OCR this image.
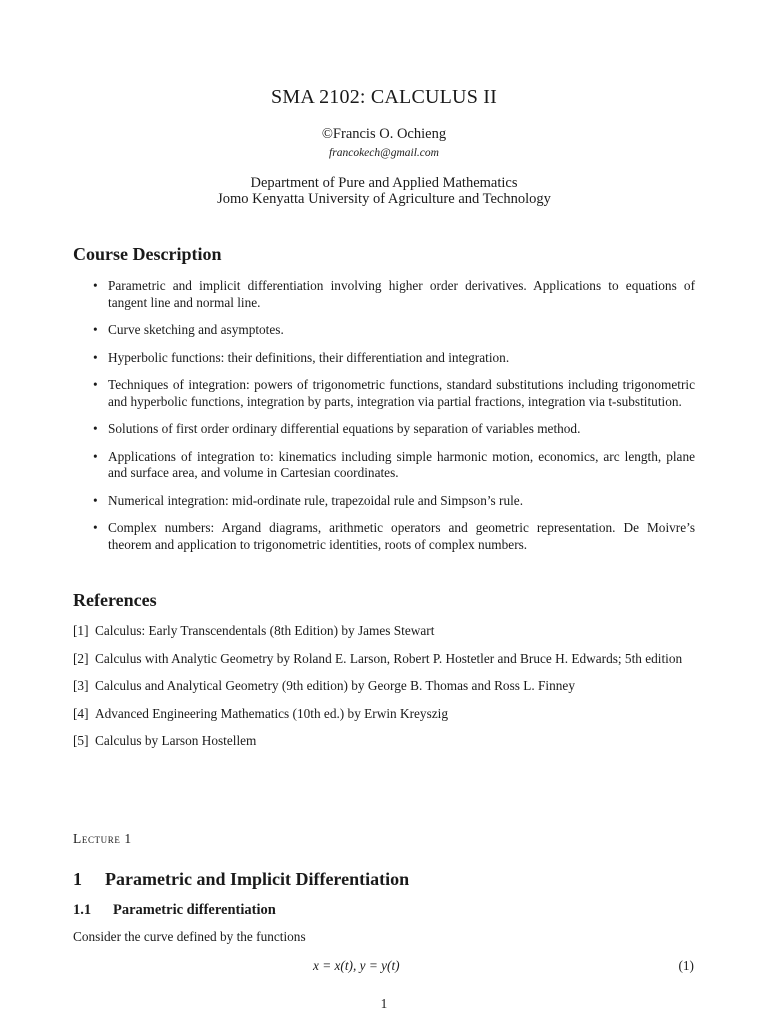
SMA 2102: CALCULUS II
©Francis O. Ochieng
francokech@gmail.com
Department of Pure and Applied Mathematics
Jomo Kenyatta University of Agriculture and Technology
Course Description
• Parametric and implicit differentiation involving higher order derivatives. Applications to equations of tangent line and normal line.
• Curve sketching and asymptotes.
• Hyperbolic functions: their definitions, their differentiation and integration.
• Techniques of integration: powers of trigonometric functions, standard substitutions including trigonometric and hyperbolic functions, integration by parts, integration via partial fractions, integration via t-substitution.
• Solutions of first order ordinary differential equations by separation of variables method.
• Applications of integration to: kinematics including simple harmonic motion, economics, arc length, plane and surface area, and volume in Cartesian coordinates.
• Numerical integration: mid-ordinate rule, trapezoidal rule and Simpson’s rule.
• Complex numbers: Argand diagrams, arithmetic operators and geometric representation. De Moivre’s theorem and application to trigonometric identities, roots of complex numbers.
References
[1] Calculus: Early Transcendentals (8th Edition) by James Stewart
[2] Calculus with Analytic Geometry by Roland E. Larson, Robert P. Hostetler and Bruce H. Edwards; 5th edition
[3] Calculus and Analytical Geometry (9th edition) by George B. Thomas and Ross L. Finney
[4] Advanced Engineering Mathematics (10th ed.) by Erwin Kreyszig
[5] Calculus by Larson Hostellem
Lecture 1
1 Parametric and Implicit Differentiation
1.1 Parametric differentiation
Consider the curve defined by the functions
x = x(t), y = y(t)	(1)
1
